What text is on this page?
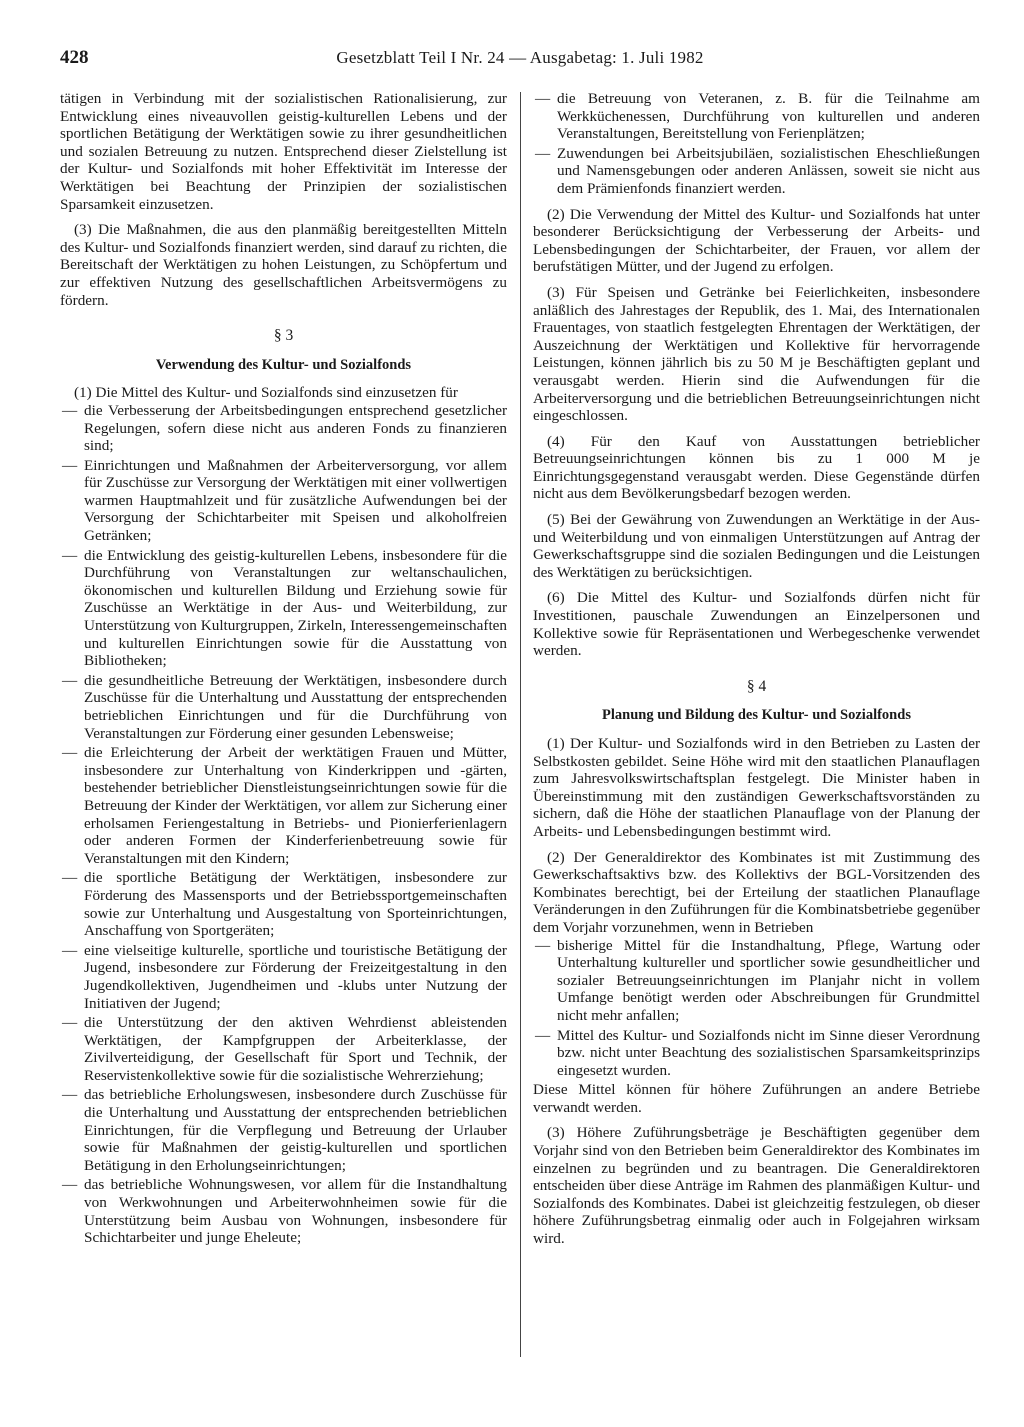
428	Gesetzblatt Teil I Nr. 24 — Ausgabetag: 1. Juli 1982

tätigen in Verbindung mit der sozialistischen Rationalisierung, zur Entwicklung eines niveauvollen geistig-kulturellen Lebens und der sportlichen Betätigung der Werktätigen sowie zu ihrer gesundheitlichen und sozialen Betreuung zu nutzen. Entsprechend dieser Zielstellung ist der Kultur- und Sozialfonds mit hoher Effektivität im Interesse der Werktätigen bei Beachtung der Prinzipien der sozialistischen Sparsamkeit einzusetzen.

(3) Die Maßnahmen, die aus den planmäßig bereitgestellten Mitteln des Kultur- und Sozialfonds finanziert werden, sind darauf zu richten, die Bereitschaft der Werktätigen zu hohen Leistungen, zu Schöpfertum und zur effektiven Nutzung des gesellschaftlichen Arbeitsvermögens zu fördern.

§ 3
Verwendung des Kultur- und Sozialfonds

(1) Die Mittel des Kultur- und Sozialfonds sind einzusetzen für

— die Verbesserung der Arbeitsbedingungen entsprechend gesetzlicher Regelungen, sofern diese nicht aus anderen Fonds zu finanzieren sind;
— Einrichtungen und Maßnahmen der Arbeiterversorgung, vor allem für Zuschüsse zur Versorgung der Werktätigen mit einer vollwertigen warmen Hauptmahlzeit und für zusätzliche Aufwendungen bei der Versorgung der Schichtarbeiter mit Speisen und alkoholfreien Getränken;
— die Entwicklung des geistig-kulturellen Lebens, insbesondere für die Durchführung von Veranstaltungen zur weltanschaulichen, ökonomischen und kulturellen Bildung und Erziehung sowie für Zuschüsse an Werktätige in der Aus- und Weiterbildung, zur Unterstützung von Kulturgruppen, Zirkeln, Interessengemeinschaften und kulturellen Einrichtungen sowie für die Ausstattung von Bibliotheken;
— die gesundheitliche Betreuung der Werktätigen, insbesondere durch Zuschüsse für die Unterhaltung und Ausstattung der entsprechenden betrieblichen Einrichtungen und für die Durchführung von Veranstaltungen zur Förderung einer gesunden Lebensweise;
— die Erleichterung der Arbeit der werktätigen Frauen und Mütter, insbesondere zur Unterhaltung von Kinderkrippen und -gärten, bestehender betrieblicher Dienstleistungseinrichtungen sowie für die Betreuung der Kinder der Werktätigen, vor allem zur Sicherung einer erholsamen Feriengestaltung in Betriebs- und Pionierferienlagern oder anderen Formen der Kinderferienbetreuung sowie für Veranstaltungen mit den Kindern;
— die sportliche Betätigung der Werktätigen, insbesondere zur Förderung des Massensports und der Betriebssportgemeinschaften sowie zur Unterhaltung und Ausgestaltung von Sporteinrichtungen, Anschaffung von Sportgeräten;
— eine vielseitige kulturelle, sportliche und touristische Betätigung der Jugend, insbesondere zur Förderung der Freizeitgestaltung in den Jugendkollektiven, Jugendheimen und -klubs unter Nutzung der Initiativen der Jugend;
— die Unterstützung der den aktiven Wehrdienst ableistenden Werktätigen, der Kampfgruppen der Arbeiterklasse, der Zivilverteidigung, der Gesellschaft für Sport und Technik, der Reservistenkollektive sowie für die sozialistische Wehrerziehung;
— das betriebliche Erholungswesen, insbesondere durch Zuschüsse für die Unterhaltung und Ausstattung der entsprechenden betrieblichen Einrichtungen, für die Verpflegung und Betreuung der Urlauber sowie für Maßnahmen der geistig-kulturellen und sportlichen Betätigung in den Erholungseinrichtungen;
— das betriebliche Wohnungswesen, vor allem für die Instandhaltung von Werkwohnungen und Arbeiterwohnheimen sowie für die Unterstützung beim Ausbau von Wohnungen, insbesondere für Schichtarbeiter und junge Eheleute;
— die Betreuung von Veteranen, z. B. für die Teilnahme am Werkküchenessen, Durchführung von kulturellen und anderen Veranstaltungen, Bereitstellung von Ferienplätzen;
— Zuwendungen bei Arbeitsjubiläen, sozialistischen Eheschließungen und Namensgebungen oder anderen Anlässen, soweit sie nicht aus dem Prämienfonds finanziert werden.

(2) Die Verwendung der Mittel des Kultur- und Sozialfonds hat unter besonderer Berücksichtigung der Verbesserung der Arbeits- und Lebensbedingungen der Schichtarbeiter, der Frauen, vor allem der berufstätigen Mütter, und der Jugend zu erfolgen.

(3) Für Speisen und Getränke bei Feierlichkeiten, insbesondere anläßlich des Jahrestages der Republik, des 1. Mai, des Internationalen Frauentages, von staatlich festgelegten Ehrentagen der Werktätigen, der Auszeichnung der Werktätigen und Kollektive für hervorragende Leistungen, können jährlich bis zu 50 M je Beschäftigten geplant und verausgabt werden. Hierin sind die Aufwendungen für die Arbeiterversorgung und die betrieblichen Betreuungseinrichtungen nicht eingeschlossen.

(4) Für den Kauf von Ausstattungen betrieblicher Betreuungseinrichtungen können bis zu 1 000 M je Einrichtungsgegenstand verausgabt werden. Diese Gegenstände dürfen nicht aus dem Bevölkerungsbedarf bezogen werden.

(5) Bei der Gewährung von Zuwendungen an Werktätige in der Aus- und Weiterbildung und von einmaligen Unterstützungen auf Antrag der Gewerkschaftsgruppe sind die sozialen Bedingungen und die Leistungen des Werktätigen zu berücksichtigen.

(6) Die Mittel des Kultur- und Sozialfonds dürfen nicht für Investitionen, pauschale Zuwendungen an Einzelpersonen und Kollektive sowie für Repräsentationen und Werbegeschenke verwendet werden.

§ 4
Planung und Bildung des Kultur- und Sozialfonds

(1) Der Kultur- und Sozialfonds wird in den Betrieben zu Lasten der Selbstkosten gebildet. Seine Höhe wird mit den staatlichen Planauflagen zum Jahresvolkswirtschaftsplan festgelegt. Die Minister haben in Übereinstimmung mit den zuständigen Gewerkschaftsvorständen zu sichern, daß die Höhe der staatlichen Planauflage von der Planung der Arbeits- und Lebensbedingungen bestimmt wird.

(2) Der Generaldirektor des Kombinates ist mit Zustimmung des Gewerkschaftsaktivs bzw. des Kollektivs der BGL-Vorsitzenden des Kombinates berechtigt, bei der Erteilung der staatlichen Planauflage Veränderungen in den Zuführungen für die Kombinatsbetriebe gegenüber dem Vorjahr vorzunehmen, wenn in Betrieben

— bisherige Mittel für die Instandhaltung, Pflege, Wartung oder Unterhaltung kultureller und sportlicher sowie gesundheitlicher und sozialer Betreuungseinrichtungen im Planjahr nicht in vollem Umfange benötigt werden oder Abschreibungen für Grundmittel nicht mehr anfallen;
— Mittel des Kultur- und Sozialfonds nicht im Sinne dieser Verordnung bzw. nicht unter Beachtung des sozialistischen Sparsamkeitsprinzips eingesetzt wurden.

Diese Mittel können für höhere Zuführungen an andere Betriebe verwandt werden.

(3) Höhere Zuführungsbeträge je Beschäftigten gegenüber dem Vorjahr sind von den Betrieben beim Generaldirektor des Kombinates im einzelnen zu begründen und zu beantragen. Die Generaldirektoren entscheiden über diese Anträge im Rahmen des planmäßigen Kultur- und Sozialfonds des Kombinates. Dabei ist gleichzeitig festzulegen, ob dieser höhere Zuführungsbetrag einmalig oder auch in Folgejahren wirksam wird.
